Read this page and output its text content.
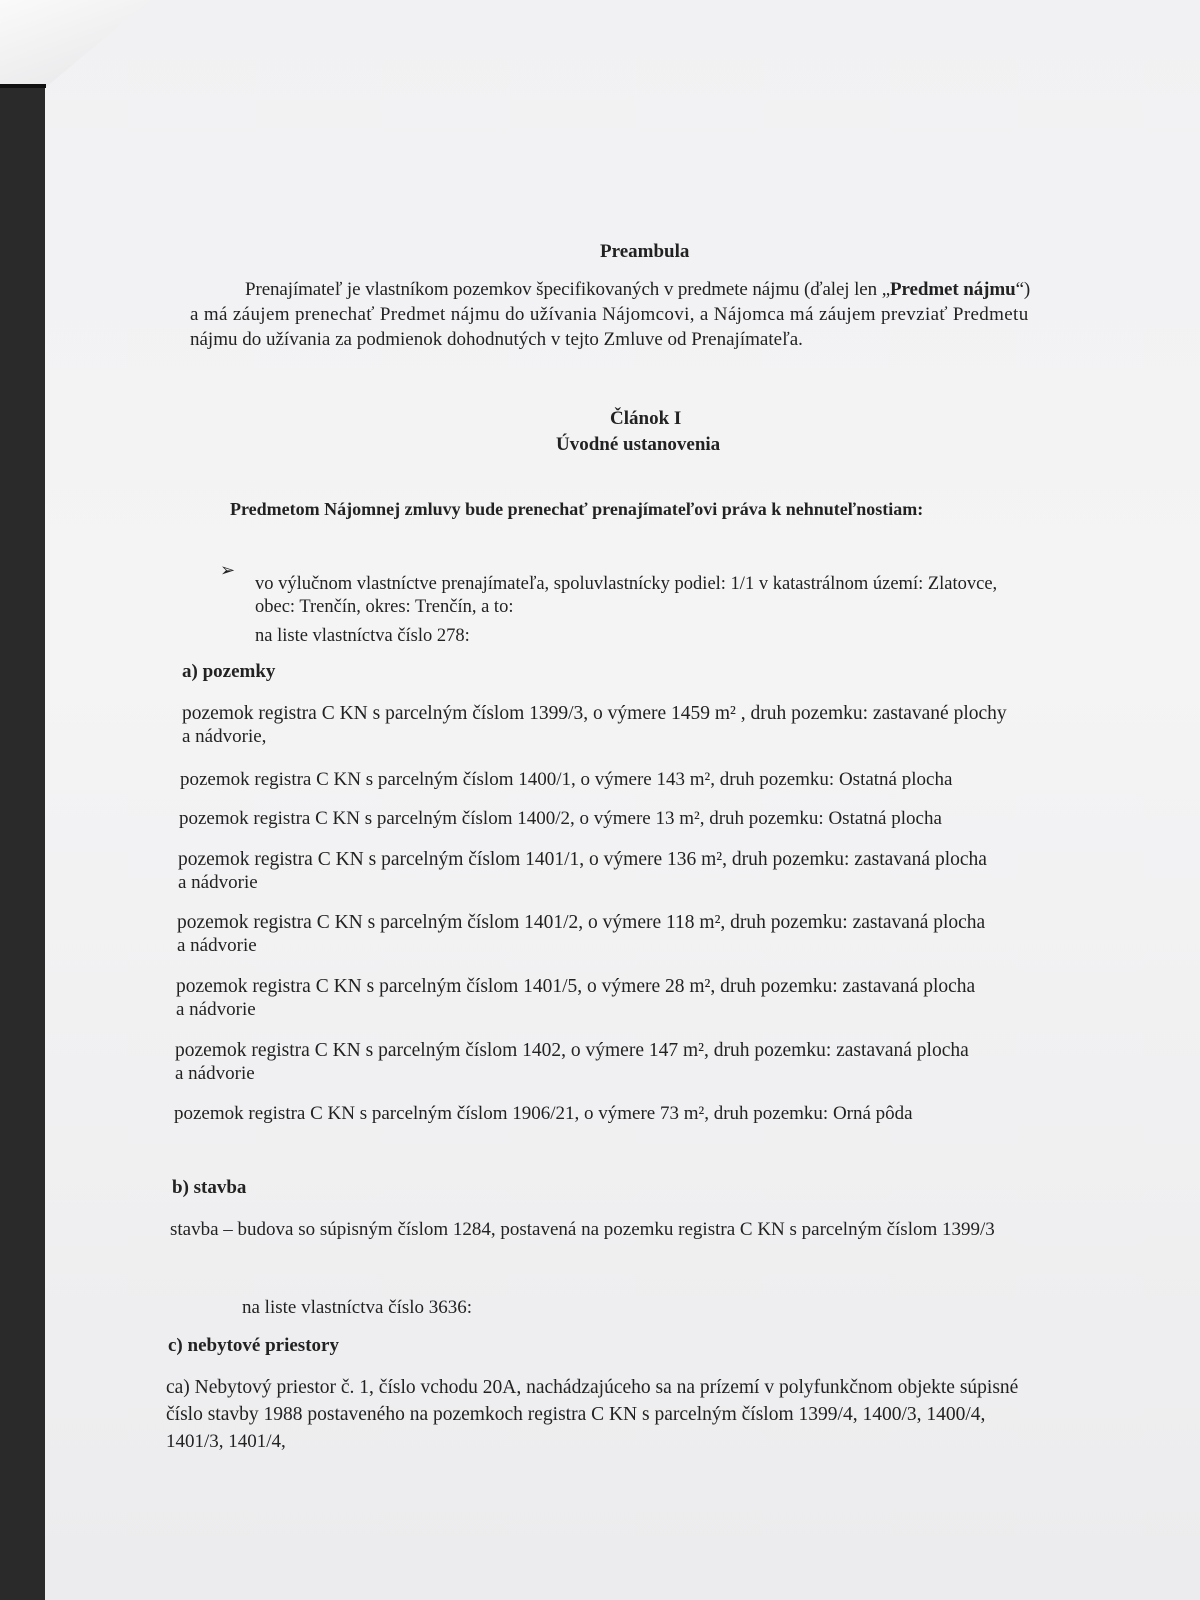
Preambula
Prenajímateľ je vlastníkom pozemkov špecifikovaných v predmete nájmu (ďalej len „Predmet nájmu“)
a má záujem prenechať Predmet nájmu do užívania Nájomcovi, a Nájomca má záujem prevziať Predmetu
nájmu do užívania za podmienok dohodnutých v tejto Zmluve od Prenajímateľa.
Článok I
Úvodné ustanovenia
Predmetom Nájomnej zmluvy bude prenechať prenajímateľovi práva k nehnuteľnostiam:
➢
vo výlučnom vlastníctve prenajímateľa, spoluvlastnícky podiel: 1/1 v katastrálnom území: Zlatovce,
obec: Trenčín, okres: Trenčín, a to:
na liste vlastníctva číslo 278:
a) pozemky
pozemok registra C KN s parcelným číslom 1399/3, o výmere 1459 m² , druh pozemku: zastavané plochy
a nádvorie,
pozemok registra C KN s parcelným číslom 1400/1, o výmere 143 m², druh pozemku: Ostatná plocha
pozemok registra C KN s parcelným číslom 1400/2, o výmere 13 m², druh pozemku: Ostatná plocha
pozemok registra C KN s parcelným číslom 1401/1, o výmere 136 m², druh pozemku: zastavaná plocha
a nádvorie
pozemok registra C KN s parcelným číslom 1401/2, o výmere 118 m², druh pozemku: zastavaná plocha
a nádvorie
pozemok registra C KN s parcelným číslom 1401/5, o výmere 28 m², druh pozemku: zastavaná plocha
a nádvorie
pozemok registra C KN s parcelným číslom 1402, o výmere 147 m², druh pozemku: zastavaná plocha
a nádvorie
pozemok registra C KN s parcelným číslom 1906/21, o výmere 73 m², druh pozemku: Orná pôda
b) stavba
stavba – budova so súpisným číslom 1284, postavená na pozemku registra C KN s parcelným číslom 1399/3
na liste vlastníctva číslo 3636:
c) nebytové priestory
ca) Nebytový priestor č. 1, číslo vchodu 20A, nachádzajúceho sa na prízemí v polyfunkčnom objekte súpisné
číslo stavby 1988 postaveného na pozemkoch registra C KN s parcelným číslom 1399/4, 1400/3, 1400/4,
1401/3, 1401/4,
